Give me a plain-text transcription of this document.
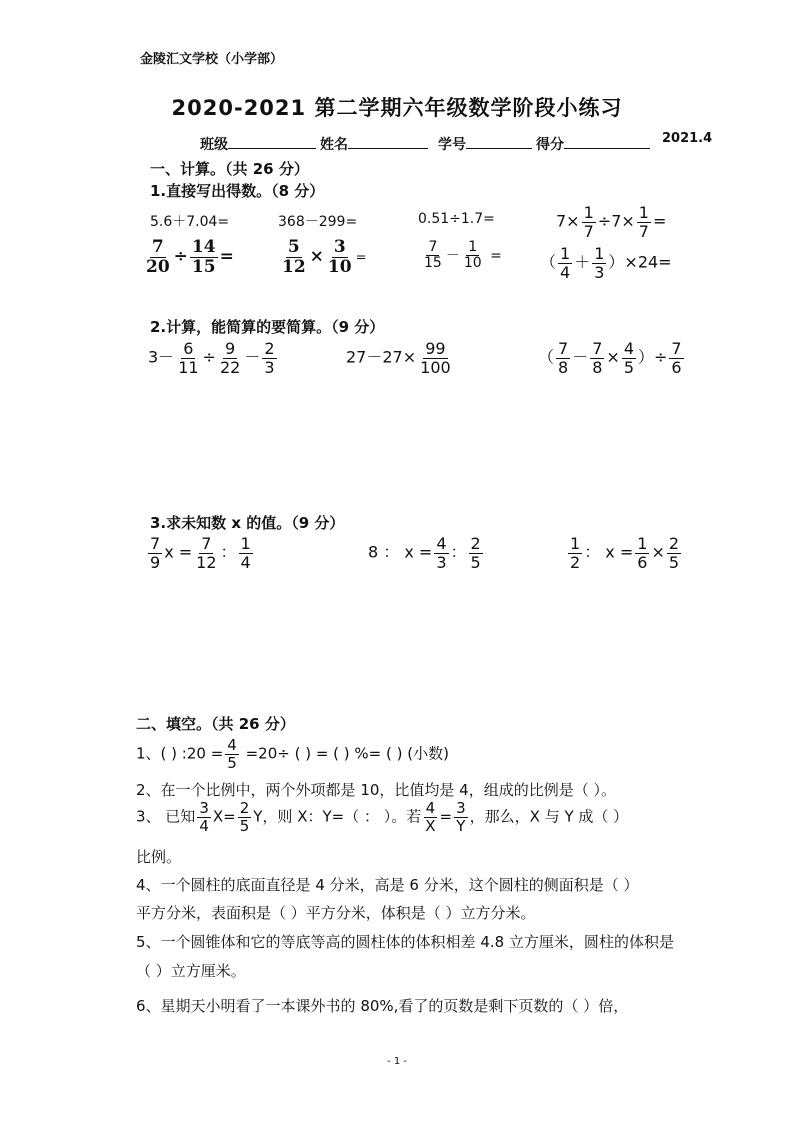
金陵汇文学校（小学部）
2020-2021 第二学期六年级数学阶段小练习
班级	姓名	学号	得分	2021.4
一、计算。（共 26 分）
1.直接写出得数。（8 分）
5.6＋7.04=	368－299=	0.51÷1.7=	$7\times \frac{1}{7} \div 7\times \frac{1}{7}$ =
$\frac{7}{20} \div \frac{14}{15}$ =	$\frac{5}{12} \times \frac{3}{10}$ =	$\frac{7}{15} - \frac{1}{10}$ = （ $\frac{1}{4} + \frac{1}{3} )\times 24=$
2.计算，能简算的要简算。（9 分）
$3- \frac{6}{11} \div \frac{9}{22} - \frac{2}{3}$	$27-27\times \frac{99}{100}$	（ $\frac{7}{8} - \frac{7}{8} \times \frac{4}{5}$ ）÷ $\frac{7}{6}$
3.求未知数 x 的值。（9 分）
$\frac{7}{9}$ $x = \frac{7}{12}$ ： $\frac{1}{4}$	8 ： $x = \frac{4}{3}$ ： $\frac{2}{5}$	$\frac{1}{2}$ ： $x = \frac{1}{6} \times \frac{2}{5}$
二、填空。（共 26 分）
1、( ) :20 = $\frac{4}{5} =20\div$ ( ) = ( ) %= ( ) (小数)
2、在一个比例中，两个外项都是 10，比值均是 4，组成的比例是（ ）。
3、 已知 $\frac{3}{4} X= \frac{2}{5}$ Y，则 X：Y=（ ： ）。若 $\frac{4}{X} = \frac{3}{Y}$ ，那么，X 与 Y 成（ ）
比例。
4、一个圆柱的底面直径是 4 分米，高是 6 分米，这个圆柱的侧面积是（ ）
平方分米，表面积是（ ）平方分米，体积是（ ）立方分米。
5、一个圆锥体和它的等底等高的圆柱体的体积相差 4.8 立方厘米，圆柱的体积是
（ ）立方厘米。
6、星期天小明看了一本课外书的 80%,看了的页数是剩下页数的（ ）倍，
- 1 -
